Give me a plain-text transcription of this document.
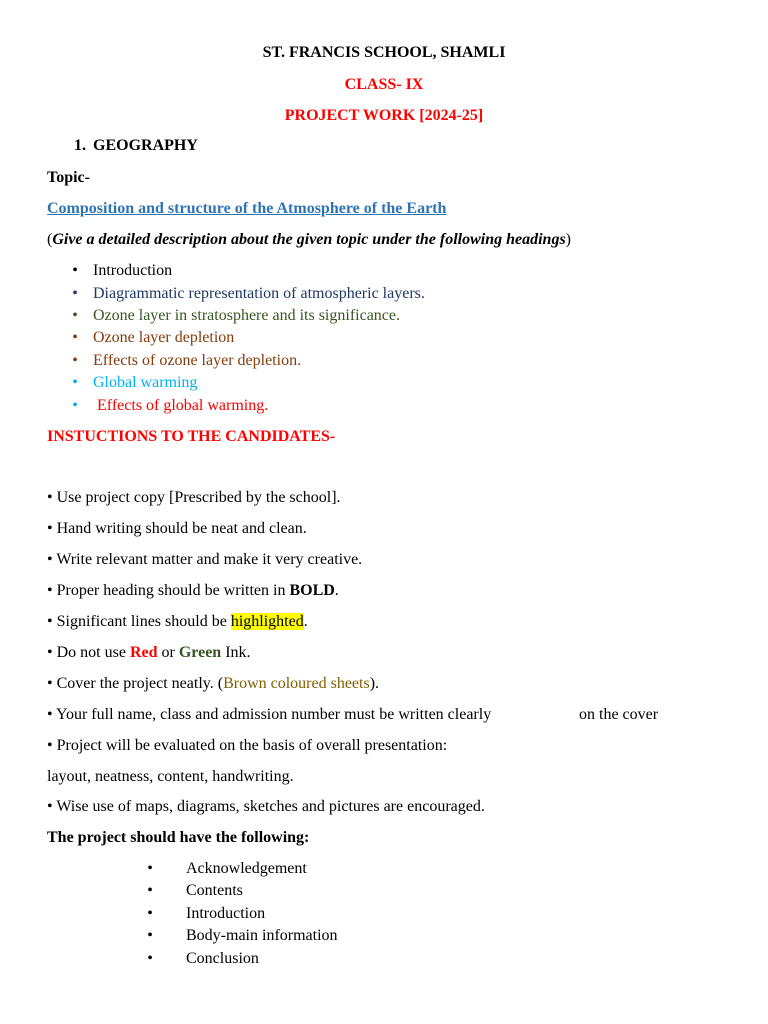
ST. FRANCIS SCHOOL, SHAMLI
CLASS- IX
PROJECT WORK [2024-25]
1. GEOGRAPHY
Topic-
Composition and structure of the Atmosphere of the Earth
(Give a detailed description about the given topic under the following headings)
• Introduction
• Diagrammatic representation of atmospheric layers.
• Ozone layer in stratosphere and its significance.
• Ozone layer depletion
• Effects of ozone layer depletion.
• Global warming
• Effects of global warming.
INSTUCTIONS TO THE CANDIDATES-
• Use project copy [Prescribed by the school].
• Hand writing should be neat and clean.
• Write relevant matter and make it very creative.
• Proper heading should be written in BOLD.
• Significant lines should be highlighted.
• Do not use Red or Green Ink.
• Cover the project neatly. (Brown coloured sheets).
• Your full name, class and admission number must be written clearly	on the cover
• Project will be evaluated on the basis of overall presentation:
layout, neatness, content, handwriting.
• Wise use of maps, diagrams, sketches and pictures are encouraged.
The project should have the following:
• Acknowledgement
• Contents
• Introduction
• Body-main information
• Conclusion
